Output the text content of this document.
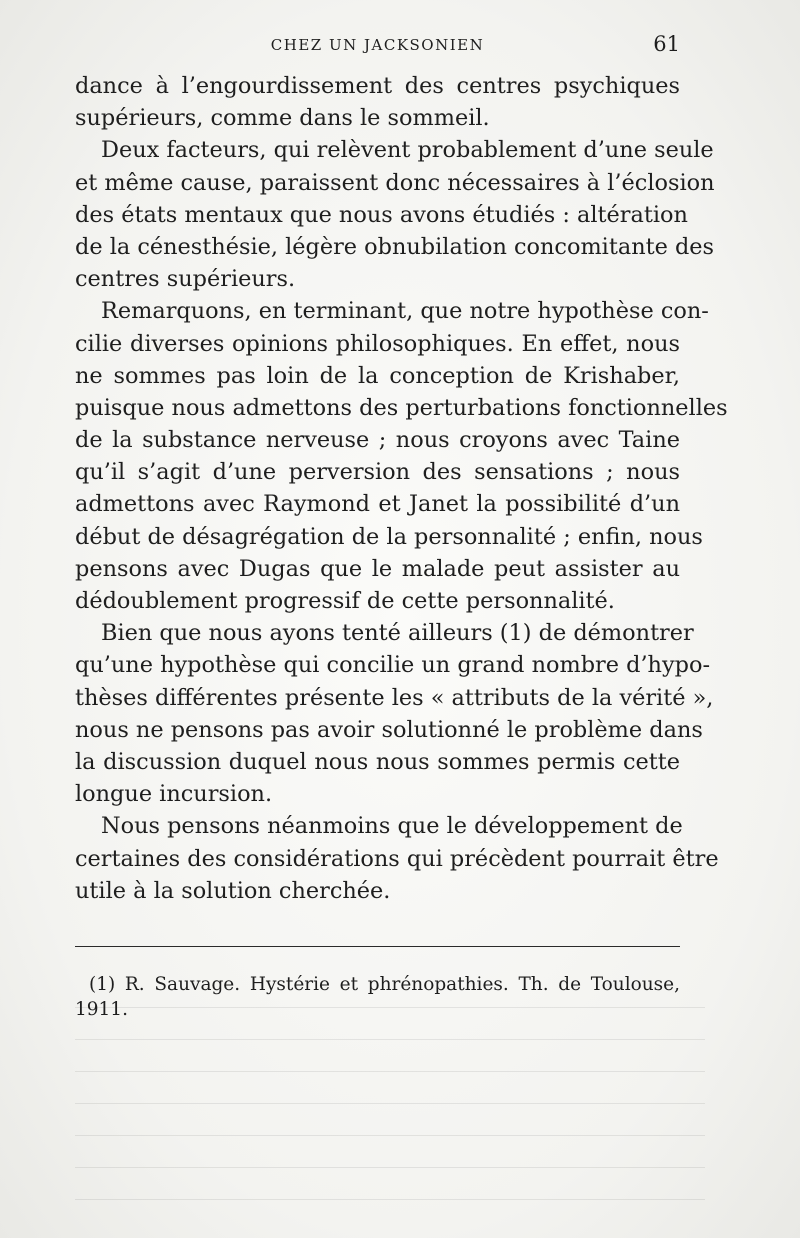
CHEZ UN JACKSONIEN	61
dance à l’engourdissement des centres psychiques
supérieurs, comme dans le sommeil.
Deux facteurs, qui relèvent probablement d’une seule
et même cause, paraissent donc nécessaires à l’éclosion
des états mentaux que nous avons étudiés : altération
de la cénesthésie, légère obnubilation concomitante des
centres supérieurs.
Remarquons, en terminant, que notre hypothèse con-
cilie diverses opinions philosophiques. En effet, nous
ne sommes pas loin de la conception de Krishaber,
puisque nous admettons des perturbations fonctionnelles
de la substance nerveuse ; nous croyons avec Taine
qu’il s’agit d’une perversion des sensations ; nous
admettons avec Raymond et Janet la possibilité d’un
début de désagrégation de la personnalité ; enfin, nous
pensons avec Dugas que le malade peut assister au
dédoublement progressif de cette personnalité.
Bien que nous ayons tenté ailleurs (1) de démontrer
qu’une hypothèse qui concilie un grand nombre d’hypo-
thèses différentes présente les « attributs de la vérité »,
nous ne pensons pas avoir solutionné le problème dans
la discussion duquel nous nous sommes permis cette
longue incursion.
Nous pensons néanmoins que le développement de
certaines des considérations qui précèdent pourrait être
utile à la solution cherchée.
(1) R. Sauvage. Hystérie et phrénopathies. Th. de Toulouse,
1911.
